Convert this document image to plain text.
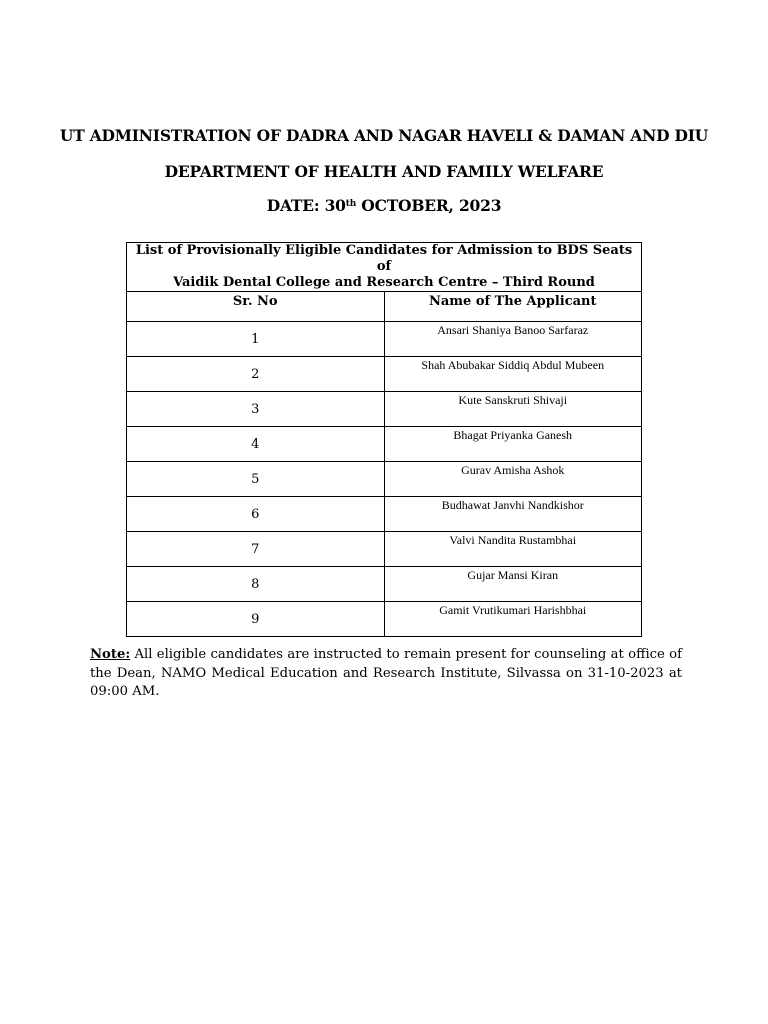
UT ADMINISTRATION OF DADRA AND NAGAR HAVELI & DAMAN AND DIU
DEPARTMENT OF HEALTH AND FAMILY WELFARE
DATE: 30th OCTOBER, 2023
List of Provisionally Eligible Candidates for Admission to BDS Seats of
Vaidik Dental College and Research Centre – Third Round	

Sr. No	Name of The Applicant
1	Ansari Shaniya Banoo Sarfaraz
2	Shah Abubakar Siddiq Abdul Mubeen
3	Kute Sanskruti Shivaji
4	Bhagat Priyanka Ganesh
5	Gurav Amisha Ashok
6	Budhawat Janvhi Nandkishor
7	Valvi Nandita Rustambhai
8	Gujar Mansi Kiran
9	Gamit Vrutikumari Harishbhai
Note: All eligible candidates are instructed to remain present for counseling at office of the Dean, NAMO Medical Education and Research Institute, Silvassa on 31-10-2023 at 09:00 AM.
